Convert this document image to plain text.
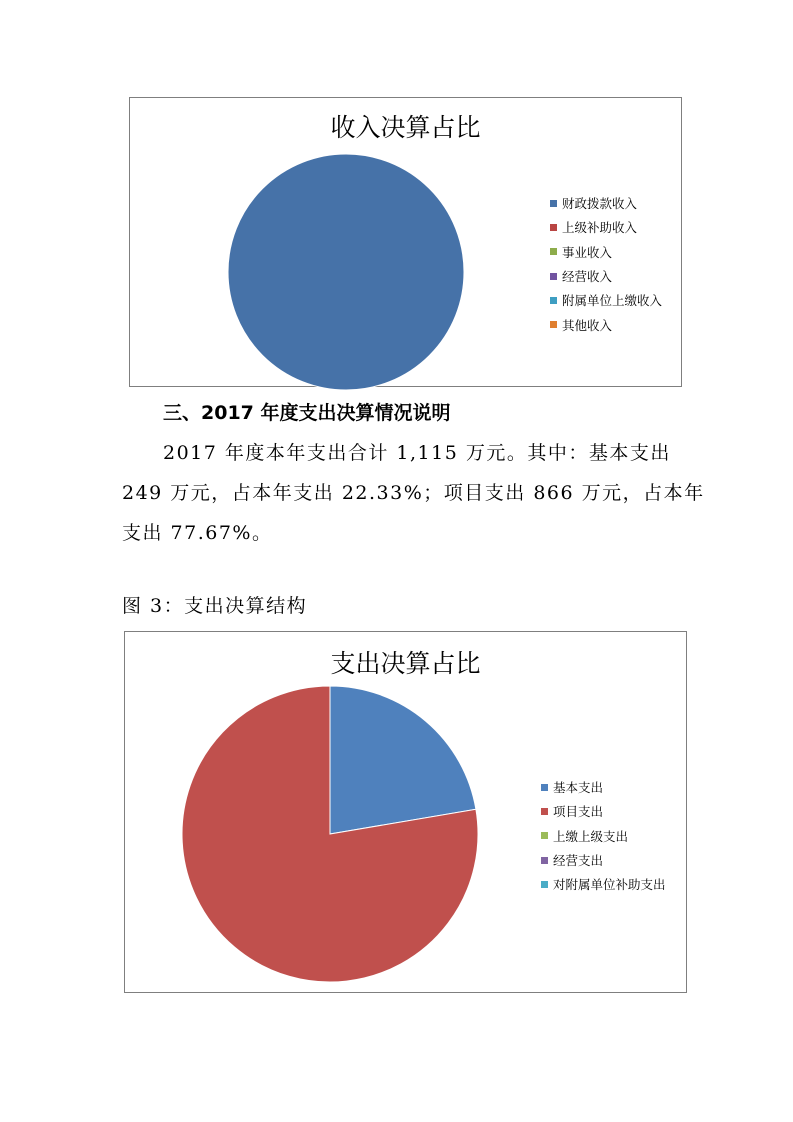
收入决算占比
财政拨款收入
上级补助收入
事业收入
经营收入
附属单位上缴收入
其他收入
三、2017 年度支出决算情况说明
2017 年度本年支出合计 1,115 万元。其中：基本支出
249 万元，占本年支出 22.33%；项目支出 866 万元，占本年
支出 77.67%。
图 3：支出决算结构
支出决算占比
基本支出
项目支出
上缴上级支出
经营支出
对附属单位补助支出
